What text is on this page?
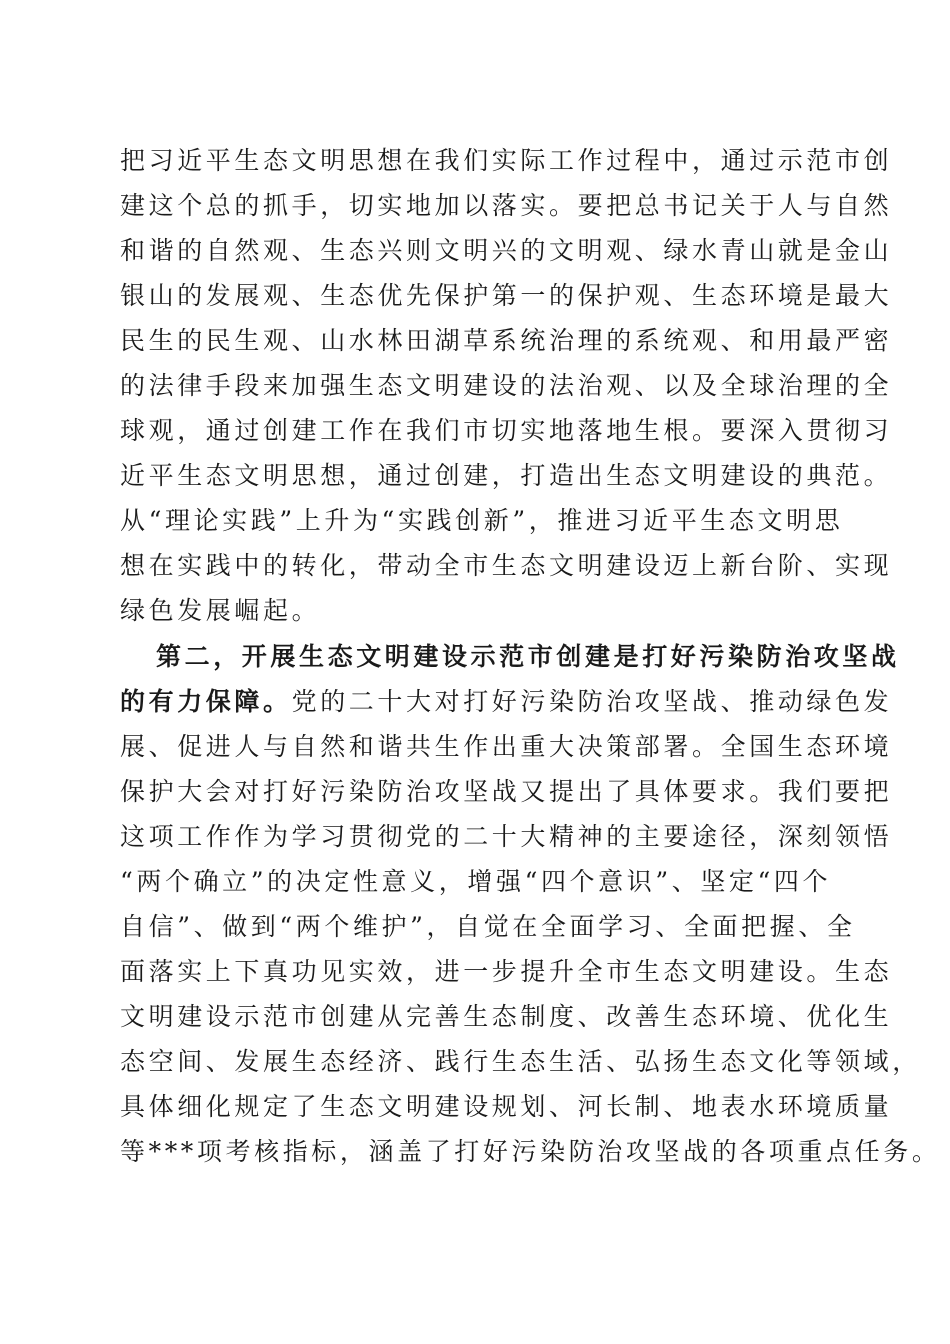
把习近平生态文明思想在我们实际工作过程中，通过示范市创
建这个总的抓手，切实地加以落实。要把总书记关于人与自然
和谐的自然观、生态兴则文明兴的文明观、绿水青山就是金山
银山的发展观、生态优先保护第一的保护观、生态环境是最大
民生的民生观、山水林田湖草系统治理的系统观、和用最严密
的法律手段来加强生态文明建设的法治观、以及全球治理的全
球观，通过创建工作在我们市切实地落地生根。要深入贯彻习
近平生态文明思想，通过创建，打造出生态文明建设的典范。
从“理论实践”上升为“实践创新”，推进习近平生态文明思
想在实践中的转化，带动全市生态文明建设迈上新台阶、实现
绿色发展崛起。
第二，开展生态文明建设示范市创建是打好污染防治攻坚战
的有力保障。党的二十大对打好污染防治攻坚战、推动绿色发
展、促进人与自然和谐共生作出重大决策部署。全国生态环境
保护大会对打好污染防治攻坚战又提出了具体要求。我们要把
这项工作作为学习贯彻党的二十大精神的主要途径，深刻领悟
“两个确立”的决定性意义，增强“四个意识”、坚定“四个
自信”、做到“两个维护”，自觉在全面学习、全面把握、全
面落实上下真功见实效，进一步提升全市生态文明建设。生态
文明建设示范市创建从完善生态制度、改善生态环境、优化生
态空间、发展生态经济、践行生态生活、弘扬生态文化等领域，
具体细化规定了生态文明建设规划、河长制、地表水环境质量
等***项考核指标，涵盖了打好污染防治攻坚战的各项重点任务。
